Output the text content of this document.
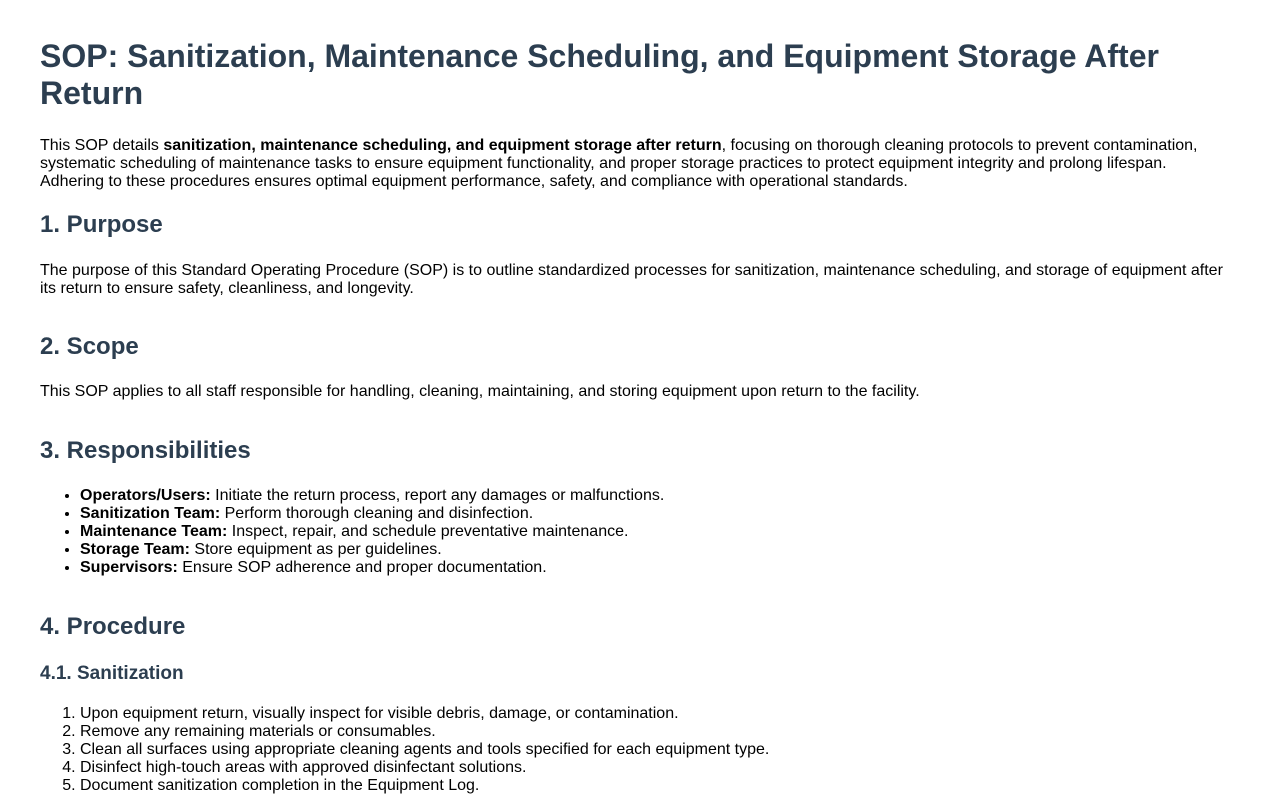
SOP: Sanitization, Maintenance Scheduling, and Equipment Storage After Return

This SOP details sanitization, maintenance scheduling, and equipment storage after return, focusing on thorough cleaning protocols to prevent contamination, systematic scheduling of maintenance tasks to ensure equipment functionality, and proper storage practices to protect equipment integrity and prolong lifespan. Adhering to these procedures ensures optimal equipment performance, safety, and compliance with operational standards.

1. Purpose

The purpose of this Standard Operating Procedure (SOP) is to outline standardized processes for sanitization, maintenance scheduling, and storage of equipment after its return to ensure safety, cleanliness, and longevity.

2. Scope

This SOP applies to all staff responsible for handling, cleaning, maintaining, and storing equipment upon return to the facility.

3. Responsibilities
• Operators/Users: Initiate the return process, report any damages or malfunctions.
• Sanitization Team: Perform thorough cleaning and disinfection.
• Maintenance Team: Inspect, repair, and schedule preventative maintenance.
• Storage Team: Store equipment as per guidelines.
• Supervisors: Ensure SOP adherence and proper documentation.
4. Procedure
4.1. Sanitization
1. Upon equipment return, visually inspect for visible debris, damage, or contamination.
2. Remove any remaining materials or consumables.
3. Clean all surfaces using appropriate cleaning agents and tools specified for each equipment type.
4. Disinfect high-touch areas with approved disinfectant solutions.
5. Document sanitization completion in the Equipment Log.
